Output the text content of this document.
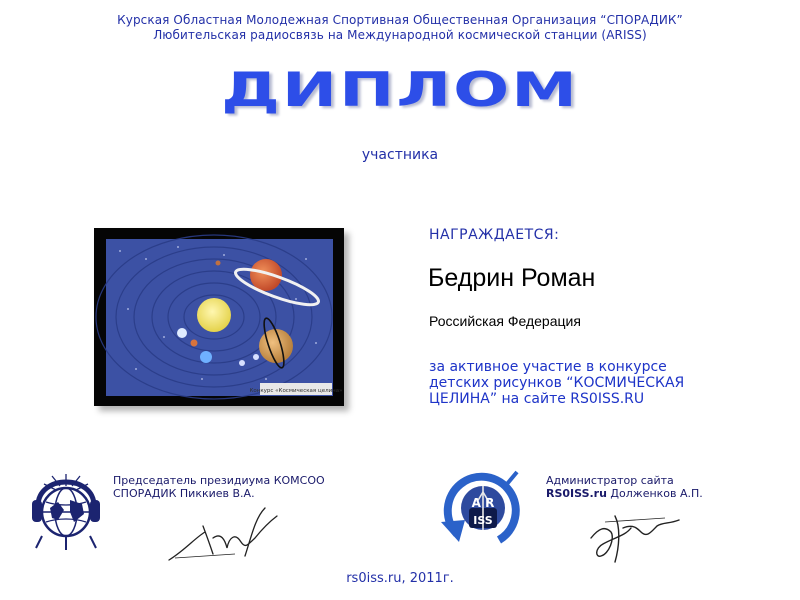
Курская Областная Молодежная Спортивная Общественная Организация “СПОРАДИК”
Любительская радиосвязь на Международной космической станции (ARISS)
ДИПЛОМ
участника
Конкурс «Космическая целина»
НАГРАЖДАЕТСЯ:
Бедрин Роман
Российская Федерация
за активное участие в конкурсе
детских рисунков “КОСМИЧЕСКАЯ
ЦЕЛИНА” на сайте RS0ISS.RU
Председатель президиума КОМСОО
СПОРАДИК Пиккиев В.А.
A R
ISS
Администратор сайта
RS0ISS.ru Долженков А.П.
rs0iss.ru, 2011г.
